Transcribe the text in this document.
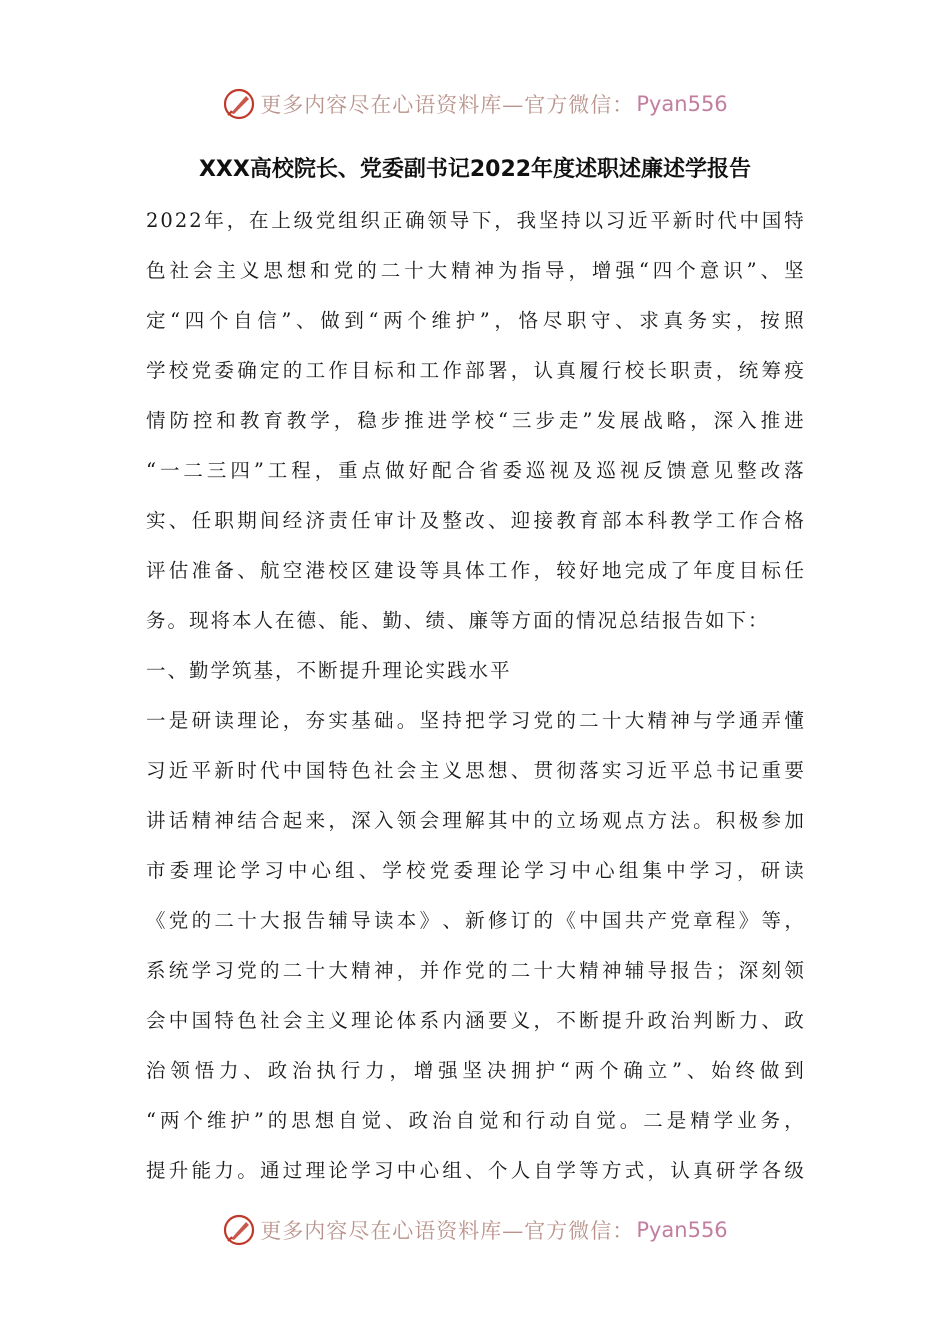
更多内容尽在心语资料库—官方微信： Pyan556
XXX高校院长、党委副书记2022年度述职述廉述学报告
2022 年 ， 在 上 级 党 组 织 正 确 领 导 下 ， 我 坚 持 以 习 近 平 新 时 代 中 国 特
色 社 会 主 义 思 想 和 党 的 二 十 大 精 神 为 指 导 ， 增 强 “ 四 个 意 识 ” 、 坚
定 “ 四 个 自 信 ” 、 做 到 “ 两 个 维 护 ” ， 恪 尽 职 守 、 求 真 务 实 ， 按 照
学 校 党 委 确 定 的 工 作 目 标 和 工 作 部 署 ， 认 真 履 行 校 长 职 责 ， 统 筹 疫
情 防 控 和 教 育 教 学 ， 稳 步 推 进 学 校 “ 三 步 走 ” 发 展 战 略 ， 深 入 推 进
“ 一 二 三 四 ” 工 程 ， 重 点 做 好 配 合 省 委 巡 视 及 巡 视 反 馈 意 见 整 改 落
实 、 任 职 期 间 经 济 责 任 审 计 及 整 改 、 迎 接 教 育 部 本 科 教 学 工 作 合 格
评 估 准 备 、 航 空 港 校 区 建 设 等 具 体 工 作 ， 较 好 地 完 成 了 年 度 目 标 任
务。现将本人在德、能、勤、绩、廉等方面的情况总结报告如下：
一、勤学筑基，不断提升理论实践水平
一 是 研 读 理 论 ， 夯 实 基 础 。 坚 持 把 学 习 党 的 二 十 大 精 神 与 学 通 弄 懂
习 近 平 新 时 代 中 国 特 色 社 会 主 义 思 想 、 贯 彻 落 实 习 近 平 总 书 记 重 要
讲 话 精 神 结 合 起 来 ， 深 入 领 会 理 解 其 中 的 立 场 观 点 方 法 。 积 极 参 加
市 委 理 论 学 习 中 心 组 、 学 校 党 委 理 论 学 习 中 心 组 集 中 学 习 ， 研 读
《 党 的 二 十 大 报 告 辅 导 读 本 》 、 新 修 订 的 《 中 国 共 产 党 章 程 》 等 ，
系 统 学 习 党 的 二 十 大 精 神 ， 并 作 党 的 二 十 大 精 神 辅 导 报 告 ； 深 刻 领
会 中 国 特 色 社 会 主 义 理 论 体 系 内 涵 要 义 ， 不 断 提 升 政 治 判 断 力 、 政
治 领 悟 力 、 政 治 执 行 力 ， 增 强 坚 决 拥 护 “ 两 个 确 立 ” 、 始 终 做 到
“ 两 个 维 护 ” 的 思 想 自 觉 、 政 治 自 觉 和 行 动 自 觉 。 二 是 精 学 业 务 ，
提 升 能 力 。 通 过 理 论 学 习 中 心 组 、 个 人 自 学 等 方 式 ， 认 真 研 学 各 级
更多内容尽在心语资料库—官方微信： Pyan556
